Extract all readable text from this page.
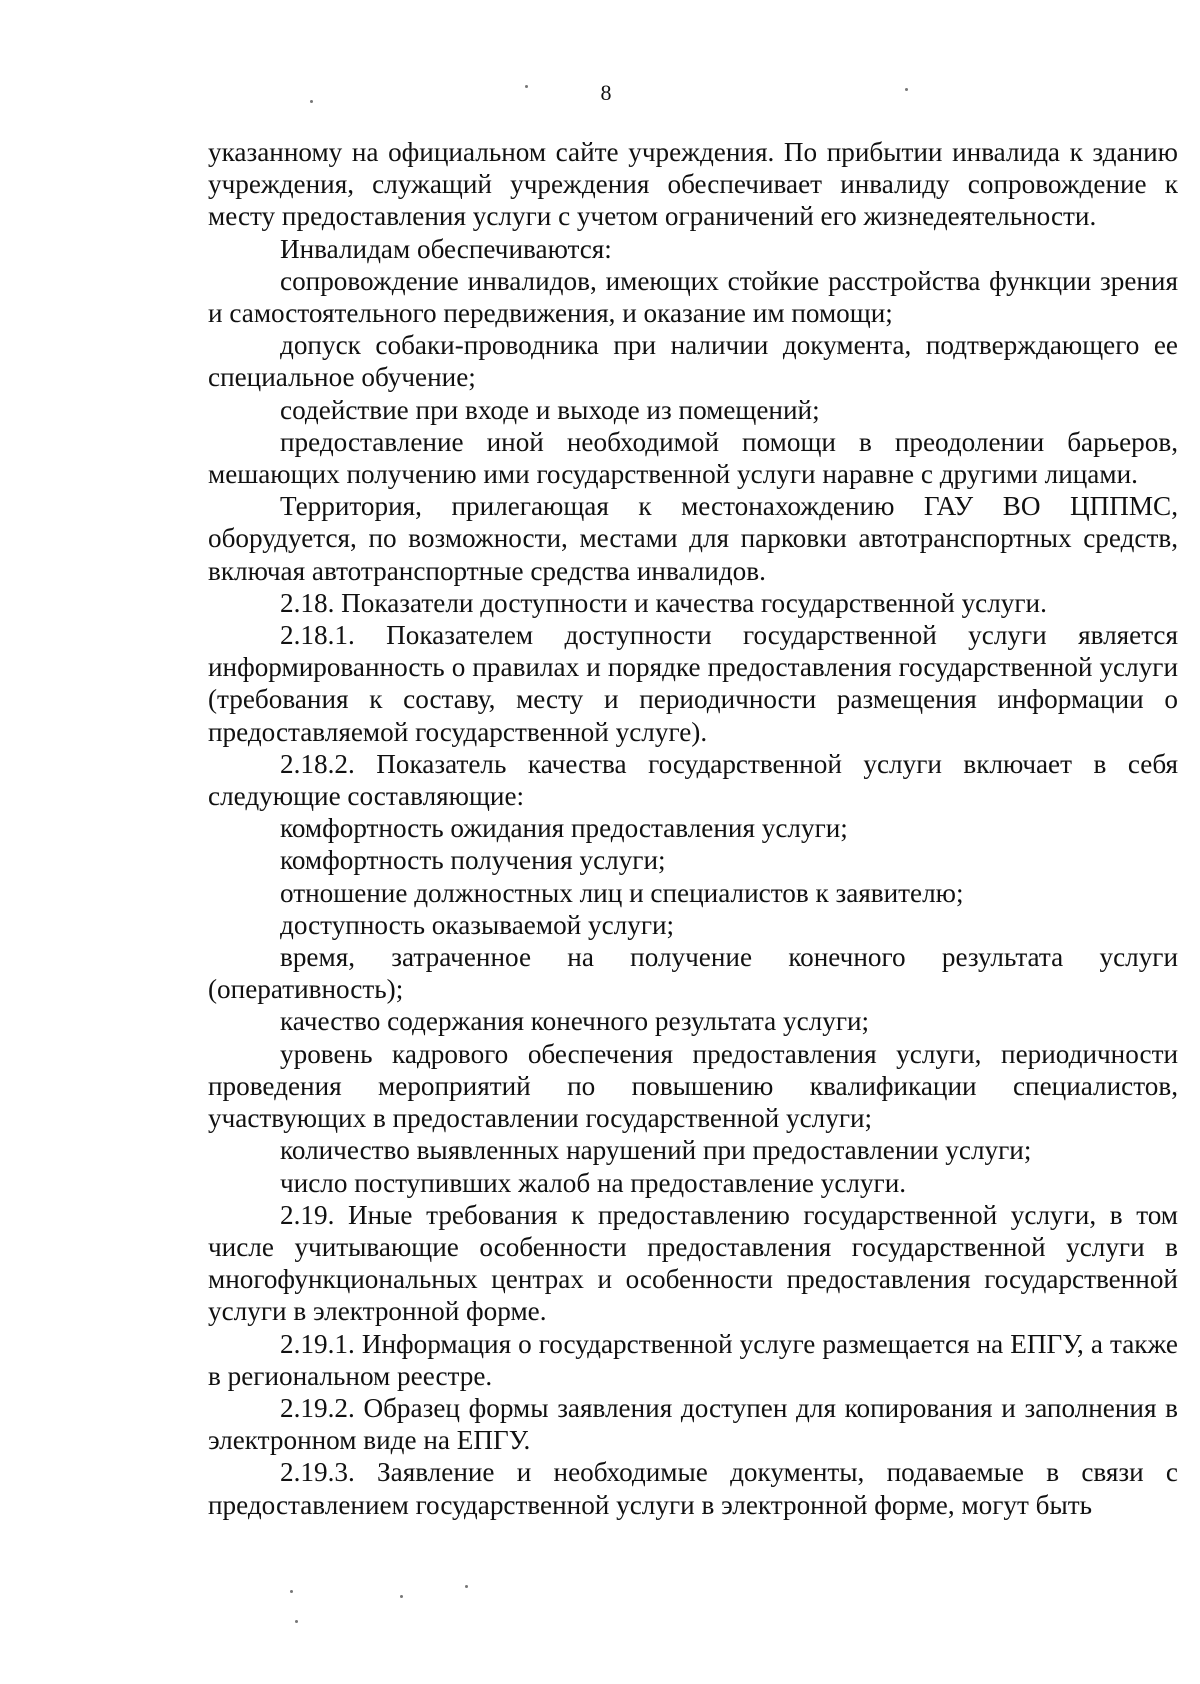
8

указанному на официальном сайте учреждения. По прибытии инвалида к зданию учреждения, служащий учреждения обеспечивает инвалиду сопровождение к месту предоставления услуги с учетом ограничений его жизнедеятельности.

Инвалидам обеспечиваются:

сопровождение инвалидов, имеющих стойкие расстройства функции зрения и самостоятельного передвижения, и оказание им помощи;

допуск собаки-проводника при наличии документа, подтверждающего ее специальное обучение;

содействие при входе и выходе из помещений;

предоставление иной необходимой помощи в преодолении барьеров, мешающих получению ими государственной услуги наравне с другими лицами.

Территория, прилегающая к местонахождению ГАУ ВО ЦППМС, оборудуется, по возможности, местами для парковки автотранспортных средств, включая автотранспортные средства инвалидов.

2.18. Показатели доступности и качества государственной услуги.

2.18.1. Показателем доступности государственной услуги является информированность о правилах и порядке предоставления государственной услуги (требования к составу, месту и периодичности размещения информации о предоставляемой государственной услуге).

2.18.2. Показатель качества государственной услуги включает в себя следующие составляющие:

комфортность ожидания предоставления услуги;

комфортность получения услуги;

отношение должностных лиц и специалистов к заявителю;

доступность оказываемой услуги;

время, затраченное на получение конечного результата услуги (оперативность);

качество содержания конечного результата услуги;

уровень кадрового обеспечения предоставления услуги, периодичности проведения мероприятий по повышению квалификации специалистов, участвующих в предоставлении государственной услуги;

количество выявленных нарушений при предоставлении услуги;

число поступивших жалоб на предоставление услуги.

2.19. Иные требования к предоставлению государственной услуги, в том числе учитывающие особенности предоставления государственной услуги в многофункциональных центрах и особенности предоставления государственной услуги в электронной форме.

2.19.1. Информация о государственной услуге размещается на ЕПГУ, а также в региональном реестре.

2.19.2. Образец формы заявления доступен для копирования и заполнения в электронном виде на ЕПГУ.

2.19.3. Заявление и необходимые документы, подаваемые в связи с предоставлением государственной услуги в электронной форме, могут быть
